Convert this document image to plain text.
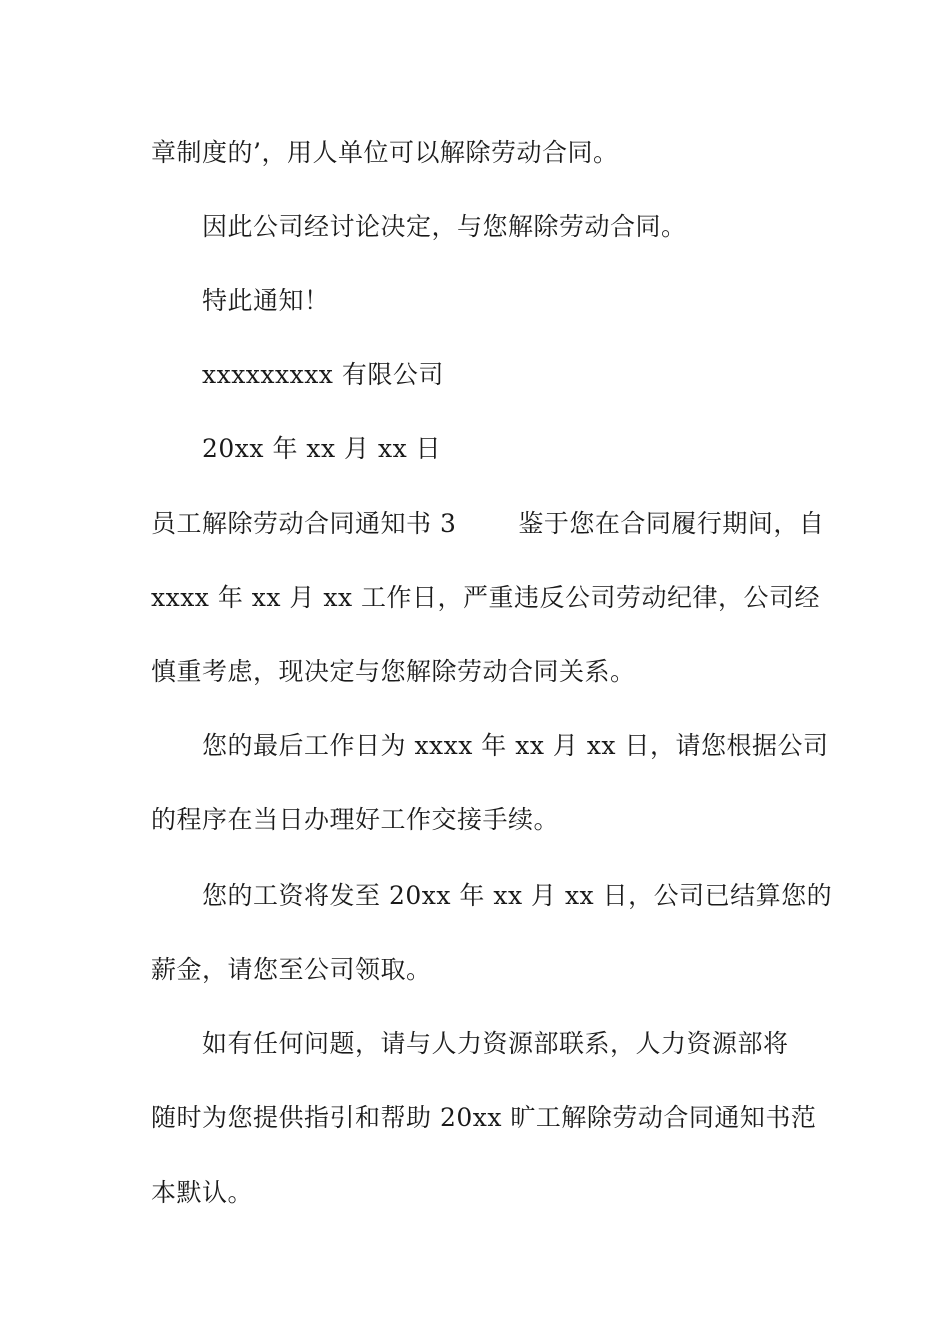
章制度的’，用人单位可以解除劳动合同。
因此公司经讨论决定，与您解除劳动合同。
特此通知！
xxxxxxxxx 有限公司
20xx 年 xx 月 xx 日
员工解除劳动合同通知书 3 鉴于您在合同履行期间，自
xxxx 年 xx 月 xx 工作日，严重违反公司劳动纪律，公司经
慎重考虑，现决定与您解除劳动合同关系。
您的最后工作日为 xxxx 年 xx 月 xx 日，请您根据公司
的程序在当日办理好工作交接手续。
您的工资将发至 20xx 年 xx 月 xx 日，公司已结算您的
薪金，请您至公司领取。
如有任何问题，请与人力资源部联系，人力资源部将
随时为您提供指引和帮助 20xx 旷工解除劳动合同通知书范
本默认。
